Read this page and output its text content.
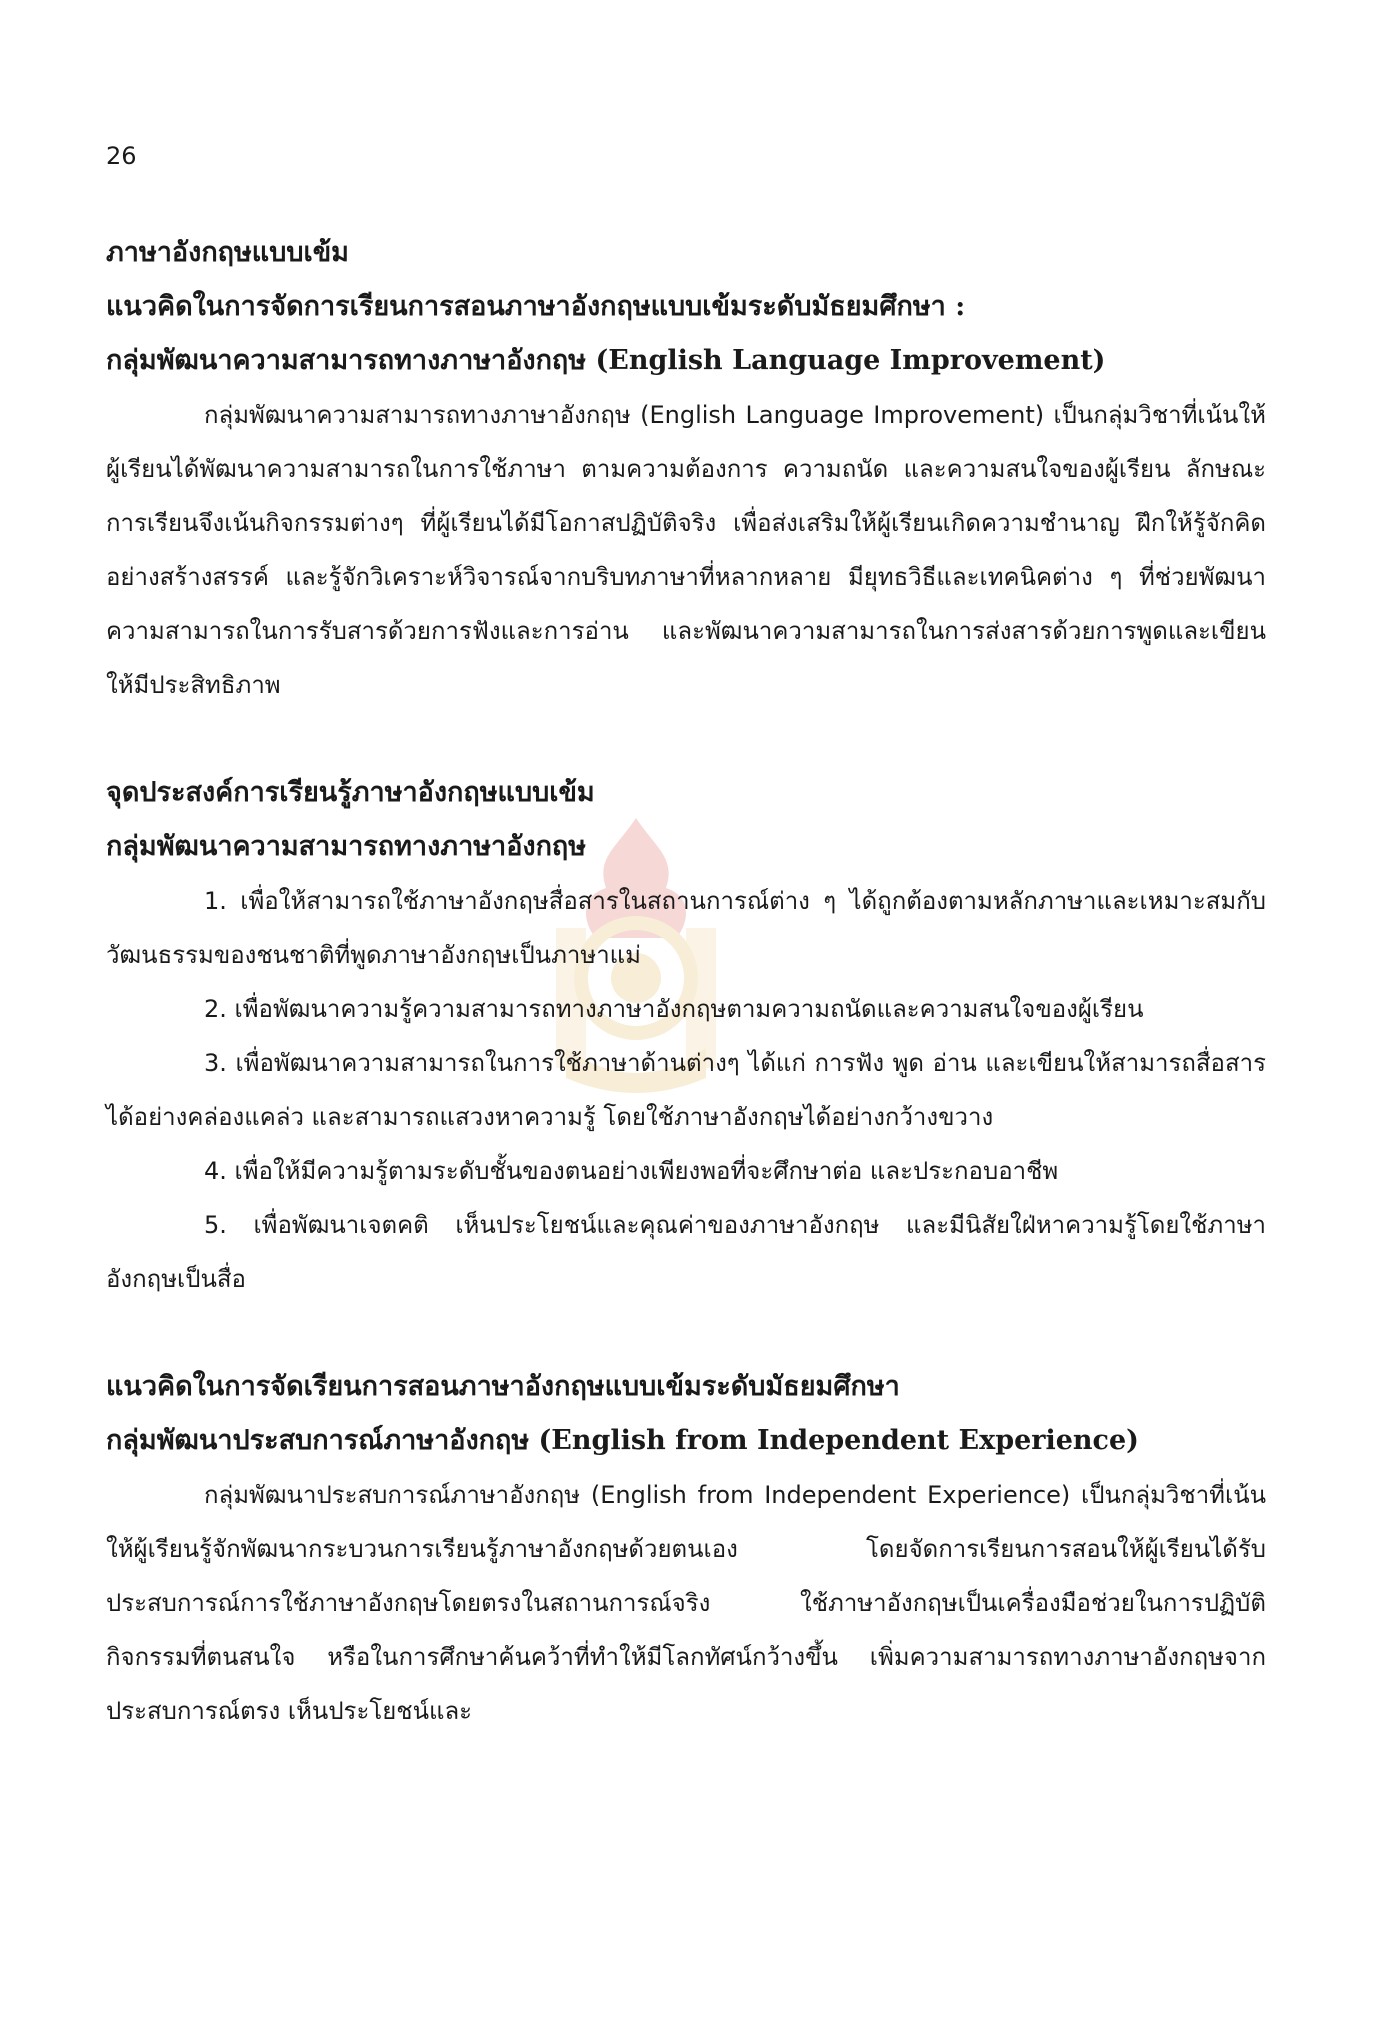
26

ภาษาอังกฤษแบบเข้ม

แนวคิดในการจัดการเรียนการสอนภาษาอังกฤษแบบเข้มระดับมัธยมศึกษา :

กลุ่มพัฒนาความสามารถทางภาษาอังกฤษ (English Language Improvement)

กลุ่มพัฒนาความสามารถทางภาษาอังกฤษ (English Language Improvement) เป็นกลุ่มวิชาที่เน้นให้ผู้เรียนได้พัฒนาความสามารถในการใช้ภาษา ตามความต้องการ ความถนัด และความสนใจของผู้เรียน ลักษณะการเรียนจึงเน้นกิจกรรมต่างๆ ที่ผู้เรียนได้มีโอกาสปฏิบัติจริง เพื่อส่งเสริมให้ผู้เรียนเกิดความชำนาญ ฝึกให้รู้จักคิดอย่างสร้างสรรค์ และรู้จักวิเคราะห์วิจารณ์จากบริบทภาษาที่หลากหลาย มียุทธวิธีและเทคนิคต่าง ๆ ที่ช่วยพัฒนาความสามารถในการรับสารด้วยการฟังและการอ่าน และพัฒนาความสามารถในการส่งสารด้วยการพูดและเขียนให้มีประสิทธิภาพ

จุดประสงค์การเรียนรู้ภาษาอังกฤษแบบเข้ม

กลุ่มพัฒนาความสามารถทางภาษาอังกฤษ

1. เพื่อให้สามารถใช้ภาษาอังกฤษสื่อสารในสถานการณ์ต่าง ๆ ได้ถูกต้องตามหลักภาษาและเหมาะสมกับวัฒนธรรมของชนชาติที่พูดภาษาอังกฤษเป็นภาษาแม่

2. เพื่อพัฒนาความรู้ความสามารถทางภาษาอังกฤษตามความถนัดและความสนใจของผู้เรียน

3. เพื่อพัฒนาความสามารถในการใช้ภาษาด้านต่างๆ ได้แก่ การฟัง พูด อ่าน และเขียนให้สามารถสื่อสารได้อย่างคล่องแคล่ว และสามารถแสวงหาความรู้ โดยใช้ภาษาอังกฤษได้อย่างกว้างขวาง

4. เพื่อให้มีความรู้ตามระดับชั้นของตนอย่างเพียงพอที่จะศึกษาต่อ และประกอบอาชีพ

5. เพื่อพัฒนาเจตคติ เห็นประโยชน์และคุณค่าของภาษาอังกฤษ และมีนิสัยใฝ่หาความรู้โดยใช้ภาษาอังกฤษเป็นสื่อ

แนวคิดในการจัดเรียนการสอนภาษาอังกฤษแบบเข้มระดับมัธยมศึกษา

กลุ่มพัฒนาประสบการณ์ภาษาอังกฤษ (English from Independent Experience)

กลุ่มพัฒนาประสบการณ์ภาษาอังกฤษ (English from Independent Experience) เป็นกลุ่มวิชาที่เน้นให้ผู้เรียนรู้จักพัฒนากระบวนการเรียนรู้ภาษาอังกฤษด้วยตนเอง โดยจัดการเรียนการสอนให้ผู้เรียนได้รับประสบการณ์การใช้ภาษาอังกฤษโดยตรงในสถานการณ์จริง ใช้ภาษาอังกฤษเป็นเครื่องมือช่วยในการปฏิบัติกิจกรรมที่ตนสนใจ หรือในการศึกษาค้นคว้าที่ทำให้มีโลกทัศน์กว้างขึ้น เพิ่มความสามารถทางภาษาอังกฤษจากประสบการณ์ตรง เห็นประโยชน์และ
